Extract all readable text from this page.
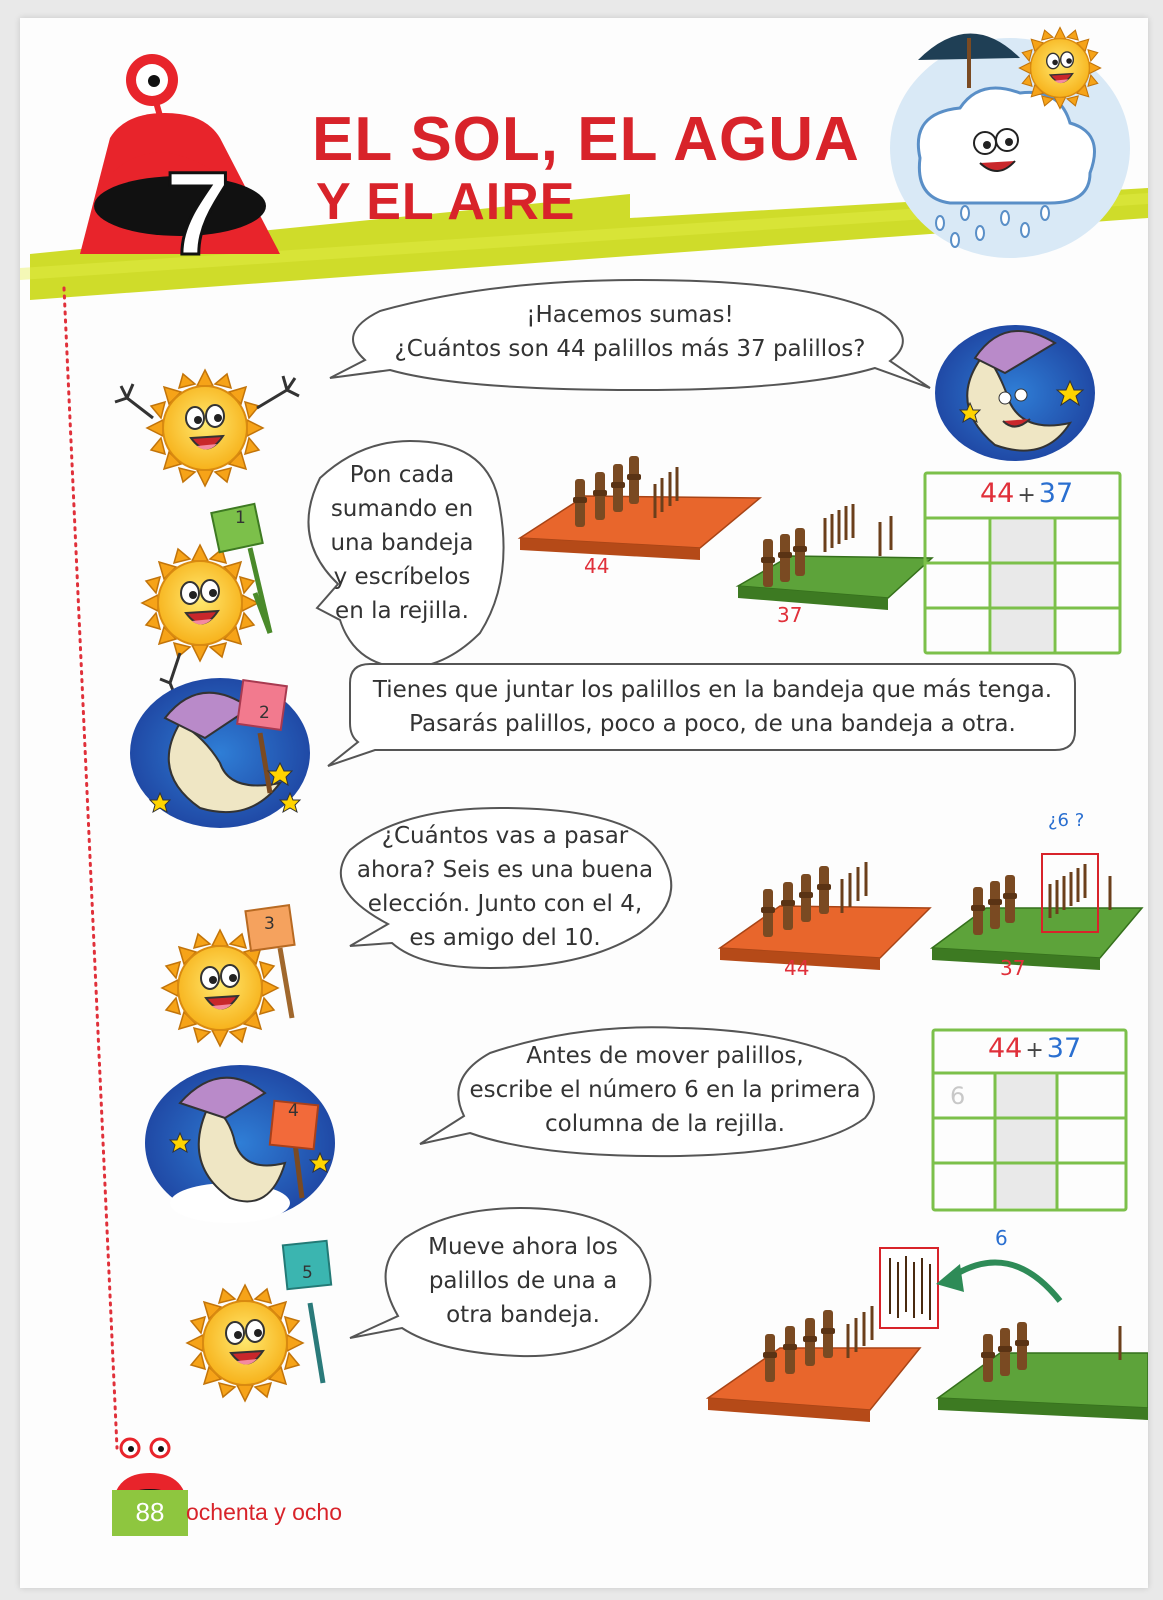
7
EL SOL, EL AGUA
Y EL AIRE
¡Hacemos sumas!
¿Cuántos son 44 palillos más 37 palillos?
Pon cada
sumando en
una bandeja
y escríbelos
en la rejilla.
Tienes que juntar los palillos en la bandeja que más tenga.
Pasarás palillos, poco a poco, de una bandeja a otra.
¿Cuántos vas a pasar
ahora? Seis es una buena
elección. Junto con el 4,
es amigo del 10.
Antes de mover palillos,
escribe el número 6 en la primera
columna de la rejilla.
Mueve ahora los
palillos de una a
otra bandeja.
1
2
3
4
5
44
37
44	37
¿6 ?
6
44 + 37
44 + 37
6
88 ochenta y ocho
